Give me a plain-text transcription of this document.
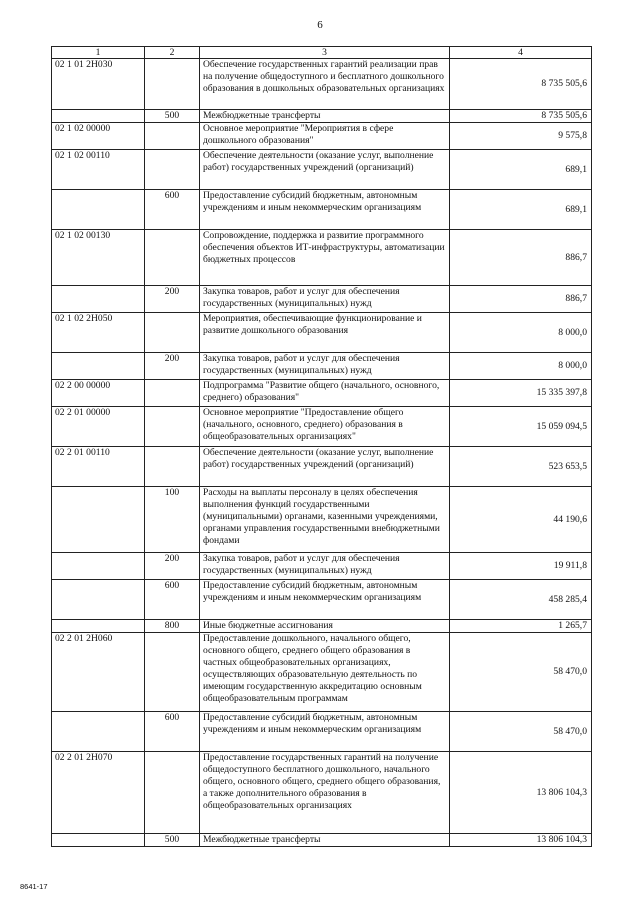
6
1	2	3	4
02 1 01 2Н030		Обеспечение государственных гарантий реализации прав на получение общедоступного и бесплатного дошкольного образования в дошкольных образовательных организациях	8 735 505,6
	500	Межбюджетные трансферты	8 735 505,6
02 1 02 00000		Основное мероприятие "Мероприятия в сфере дошкольного образования"	9 575,8
02 1 02 00110		Обеспечение деятельности (оказание услуг, выполнение работ) государственных учреждений (организаций)	689,1
	600	Предоставление субсидий бюджетным, автономным учреждениям и иным некоммерческим организациям	689,1
02 1 02 00130		Сопровождение, поддержка и развитие программного обеспечения объектов ИТ-инфраструктуры, автоматизации бюджетных процессов	886,7
	200	Закупка товаров, работ и услуг для обеспечения государственных (муниципальных) нужд	886,7
02 1 02 2Н050		Мероприятия, обеспечивающие функционирование и развитие дошкольного образования	8 000,0
	200	Закупка товаров, работ и услуг для обеспечения государственных (муниципальных) нужд	8 000,0
02 2 00 00000		Подпрограмма "Развитие общего (начального, основного, среднего) образования"	15 335 397,8
02 2 01 00000		Основное мероприятие "Предоставление общего (начального, основного, среднего) образования в общеобразовательных организациях"	15 059 094,5
02 2 01 00110		Обеспечение деятельности (оказание услуг, выполнение работ) государственных учреждений (организаций)	523 653,5
	100	Расходы на выплаты персоналу в целях обеспечения выполнения функций государственными (муниципальными) органами, казенными учреждениями, органами управления государственными внебюджетными фондами	44 190,6
	200	Закупка товаров, работ и услуг для обеспечения государственных (муниципальных) нужд	19 911,8
	600	Предоставление субсидий бюджетным, автономным учреждениям и иным некоммерческим организациям	458 285,4
	800	Иные бюджетные ассигнования	1 265,7
02 2 01 2Н060		Предоставление дошкольного, начального общего, основного общего, среднего общего образования в частных общеобразовательных организациях, осуществляющих образовательную деятельность по имеющим государственную аккредитацию основным общеобразовательным программам	58 470,0
	600	Предоставление субсидий бюджетным, автономным учреждениям и иным некоммерческим организациям	58 470,0
02 2 01 2Н070		Предоставление государственных гарантий на получение общедоступного бесплатного дошкольного, начального общего, основного общего, среднего общего образования, а также дополнительного образования в общеобразовательных организациях	13 806 104,3
	500	Межбюджетные трансферты	13 806 104,3
8641-17
